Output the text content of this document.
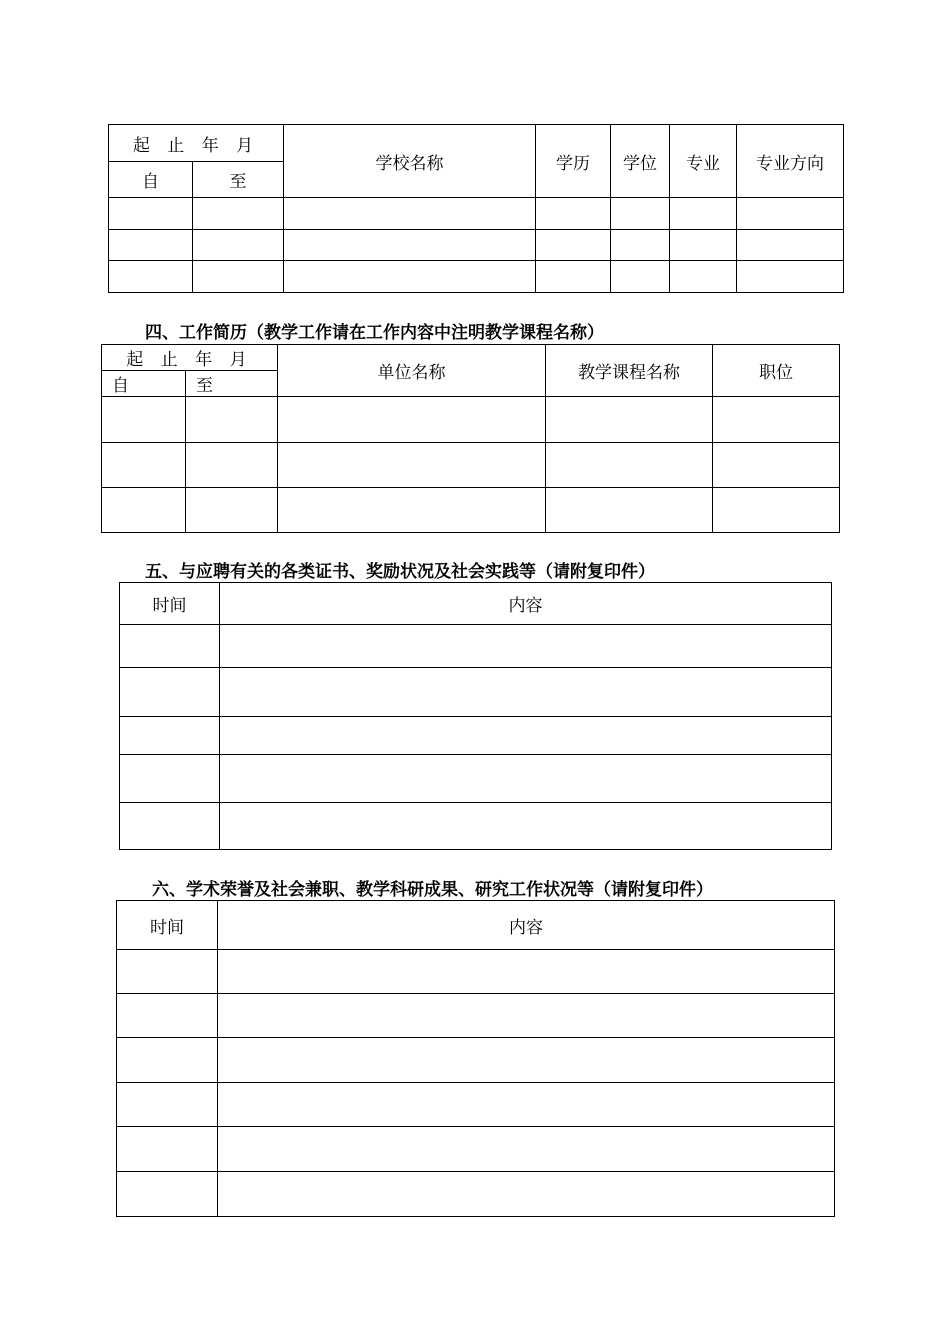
起 止 年 月		学校名称	学历	学位	专业	专业方向
自	至					

四、工作简历（教学工作请在工作内容中注明教学课程名称）
起 止 年 月		单位名称	教学课程名称	职位
自	至			

五、与应聘有关的各类证书、奖励状况及社会实践等（请附复印件）
时间	内容

六、学术荣誉及社会兼职、教学科研成果、研究工作状况等（请附复印件）
时间	内容
